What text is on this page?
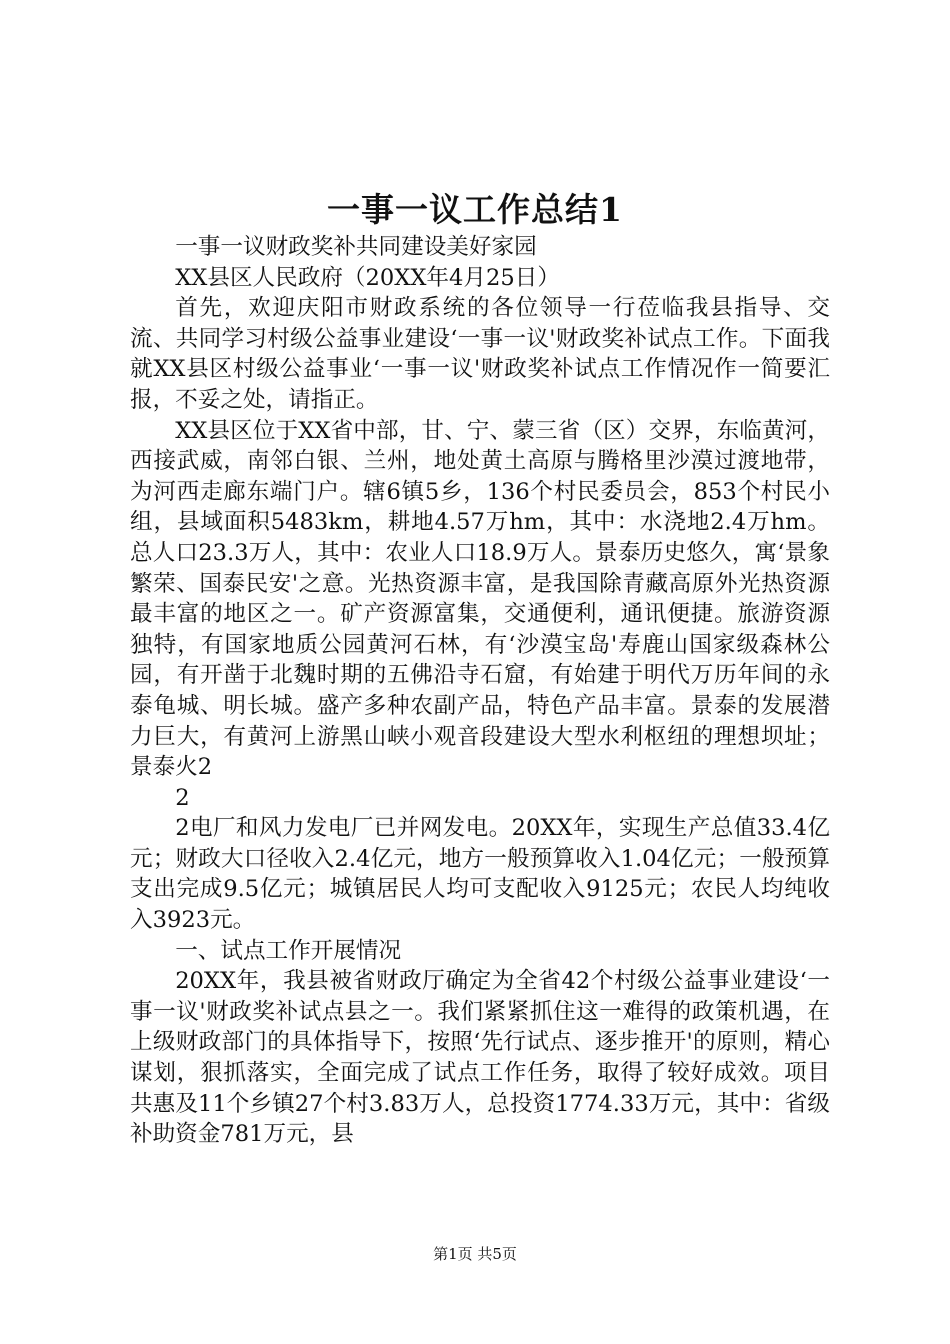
一事一议工作总结1

一事一议财政奖补共同建设美好家园

XX县区人民政府（20XX年4月25日）

首先，欢迎庆阳市财政系统的各位领导一行莅临我县指导、交流、共同学习村级公益事业建设‘一事一议'财政奖补试点工作。下面我就XX县区村级公益事业‘一事一议'财政奖补试点工作情况作一简要汇报，不妥之处，请指正。

XX县区位于XX省中部，甘、宁、蒙三省（区）交界，东临黄河，西接武威，南邻白银、兰州，地处黄土高原与腾格里沙漠过渡地带，为河西走廊东端门户。辖6镇5乡，136个村民委员会，853个村民小组，县域面积5483km，耕地4.57万hm，其中：水浇地2.4万hm。总人口23.3万人，其中：农业人口18.9万人。景泰历史悠久，寓‘景象繁荣、国泰民安'之意。光热资源丰富，是我国除青藏高原外光热资源最丰富的地区之一。矿产资源富集，交通便利，通讯便捷。旅游资源独特，有国家地质公园黄河石林，有‘沙漠宝岛'寿鹿山国家级森林公园，有开凿于北魏时期的五佛沿寺石窟，有始建于明代万历年间的永泰龟城、明长城。盛产多种农副产品，特色产品丰富。景泰的发展潜力巨大，有黄河上游黑山峡小观音段建设大型水利枢纽的理想坝址；景泰火2

2

2电厂和风力发电厂已并网发电。20XX年，实现生产总值33.4亿元；财政大口径收入2.4亿元，地方一般预算收入1.04亿元；一般预算支出完成9.5亿元；城镇居民人均可支配收入9125元；农民人均纯收入3923元。

一、试点工作开展情况

20XX年，我县被省财政厅确定为全省42个村级公益事业建设‘一事一议'财政奖补试点县之一。我们紧紧抓住这一难得的政策机遇，在上级财政部门的具体指导下，按照‘先行试点、逐步推开'的原则，精心谋划，狠抓落实，全面完成了试点工作任务，取得了较好成效。项目共惠及11个乡镇27个村3.83万人，总投资1774.33万元，其中：省级补助资金781万元，县

第1页 共5页
